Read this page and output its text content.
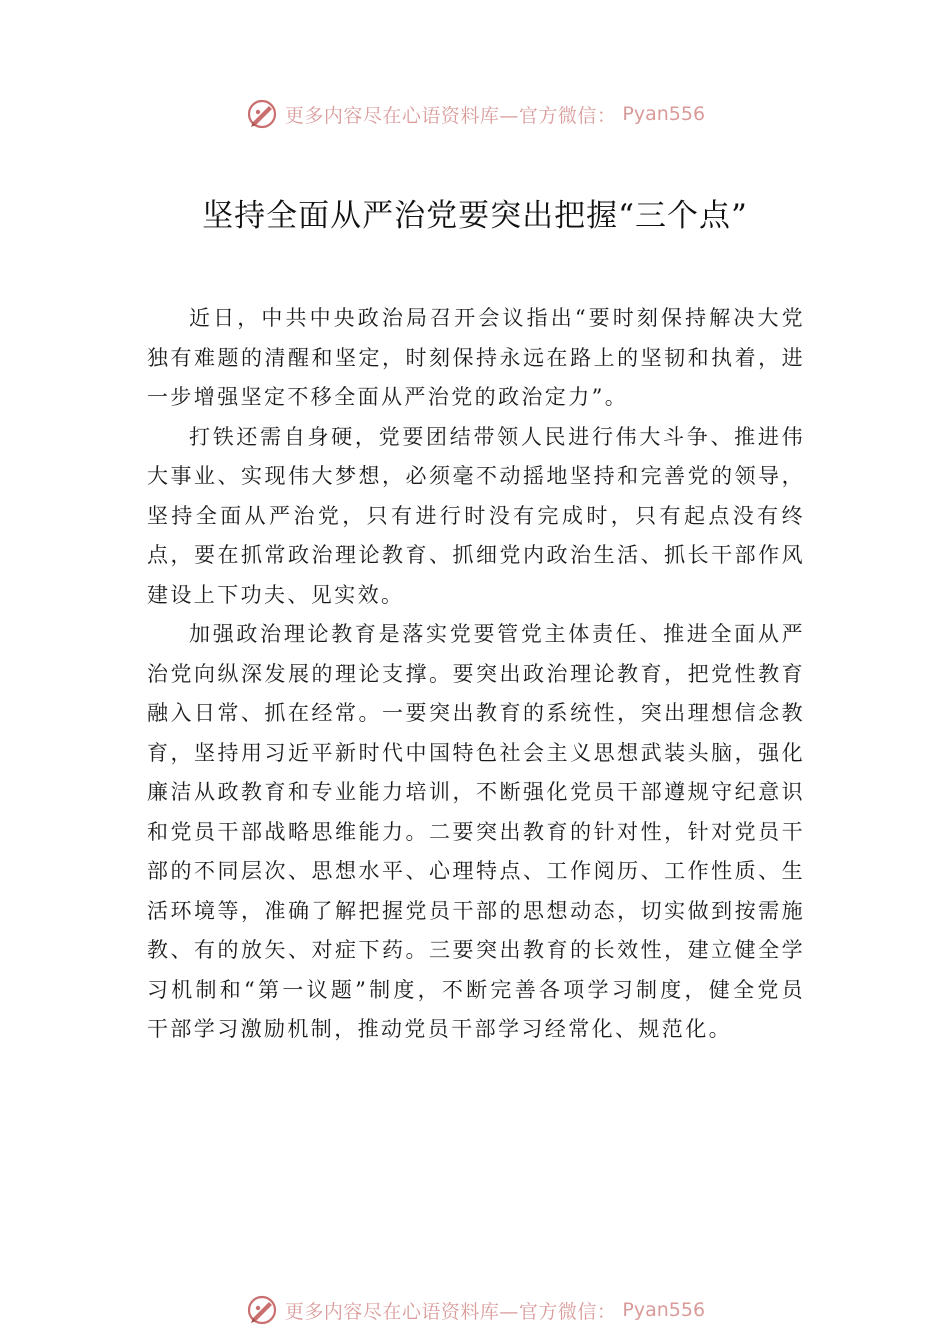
更多内容尽在心语资料库—官方微信： Pyan556
坚持全面从严治党要突出把握“三个点”

近日，中共中央政治局召开会议指出“要时刻保持解决大党独有难题的清醒和坚定，时刻保持永远在路上的坚韧和执着，进一步增强坚定不移全面从严治党的政治定力”。

打铁还需自身硬，党要团结带领人民进行伟大斗争、推进伟大事业、实现伟大梦想，必须毫不动摇地坚持和完善党的领导，坚持全面从严治党，只有进行时没有完成时，只有起点没有终点，要在抓常政治理论教育、抓细党内政治生活、抓长干部作风建设上下功夫、见实效。

加强政治理论教育是落实党要管党主体责任、推进全面从严治党向纵深发展的理论支撑。要突出政治理论教育，把党性教育融入日常、抓在经常。一要突出教育的系统性，突出理想信念教育，坚持用习近平新时代中国特色社会主义思想武装头脑，强化廉洁从政教育和专业能力培训，不断强化党员干部遵规守纪意识和党员干部战略思维能力。二要突出教育的针对性，针对党员干部的不同层次、思想水平、心理特点、工作阅历、工作性质、生活环境等，准确了解把握党员干部的思想动态，切实做到按需施教、有的放矢、对症下药。三要突出教育的长效性，建立健全学习机制和“第一议题”制度，不断完善各项学习制度，健全党员干部学习激励机制，推动党员干部学习经常化、规范化。

更多内容尽在心语资料库—官方微信： Pyan556
